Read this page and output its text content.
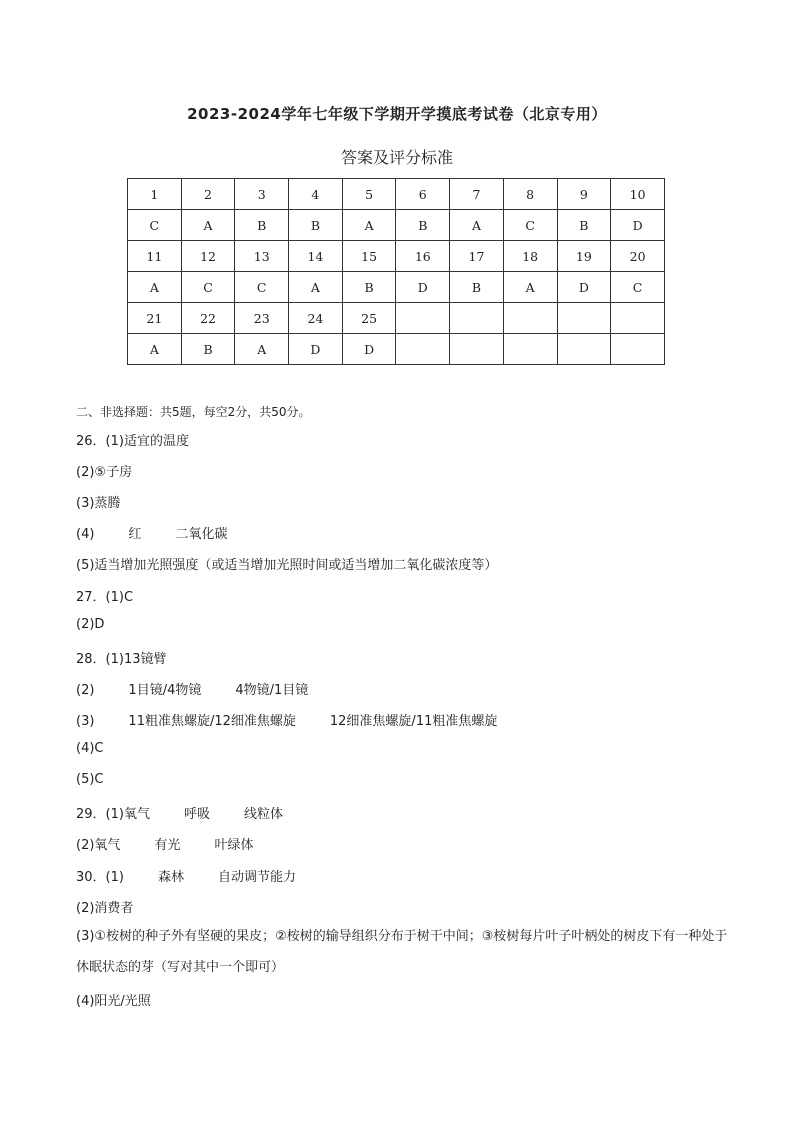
2023-2024学年七年级下学期开学摸底考试卷（北京专用）
答案及评分标准
1	2	3	4	5	6	7	8	9	10
C	A	B	B	A	B	A	C	B	D
11	12	13	14	15	16	17	18	19	20
A	C	C	A	B	D	B	A	D	C
21	22	23	24	25					
A	B	A	D	D					
二、非选择题：共5题，每空2分，共50分。
26．(1)适宜的温度
(2)⑤子房
(3)蒸腾
(4)	红	二氧化碳
(5)适当增加光照强度（或适当增加光照时间或适当增加二氧化碳浓度等）
27．(1)C
(2)D
28．(1)13镜臂
(2)	1目镜/4物镜	4物镜/1目镜
(3)	11粗准焦螺旋/12细准焦螺旋	12细准焦螺旋/11粗准焦螺旋
(4)C
(5)C
29．(1)氧气	呼吸	线粒体
(2)氧气	有光	叶绿体
30．(1)	森林	自动调节能力
(2)消费者
(3)①桉树的种子外有坚硬的果皮；②桉树的输导组织分布于树干中间；③桉树每片叶子叶柄处的树皮下有一种处于休眠状态的芽（写对其中一个即可）
(4)阳光/光照
